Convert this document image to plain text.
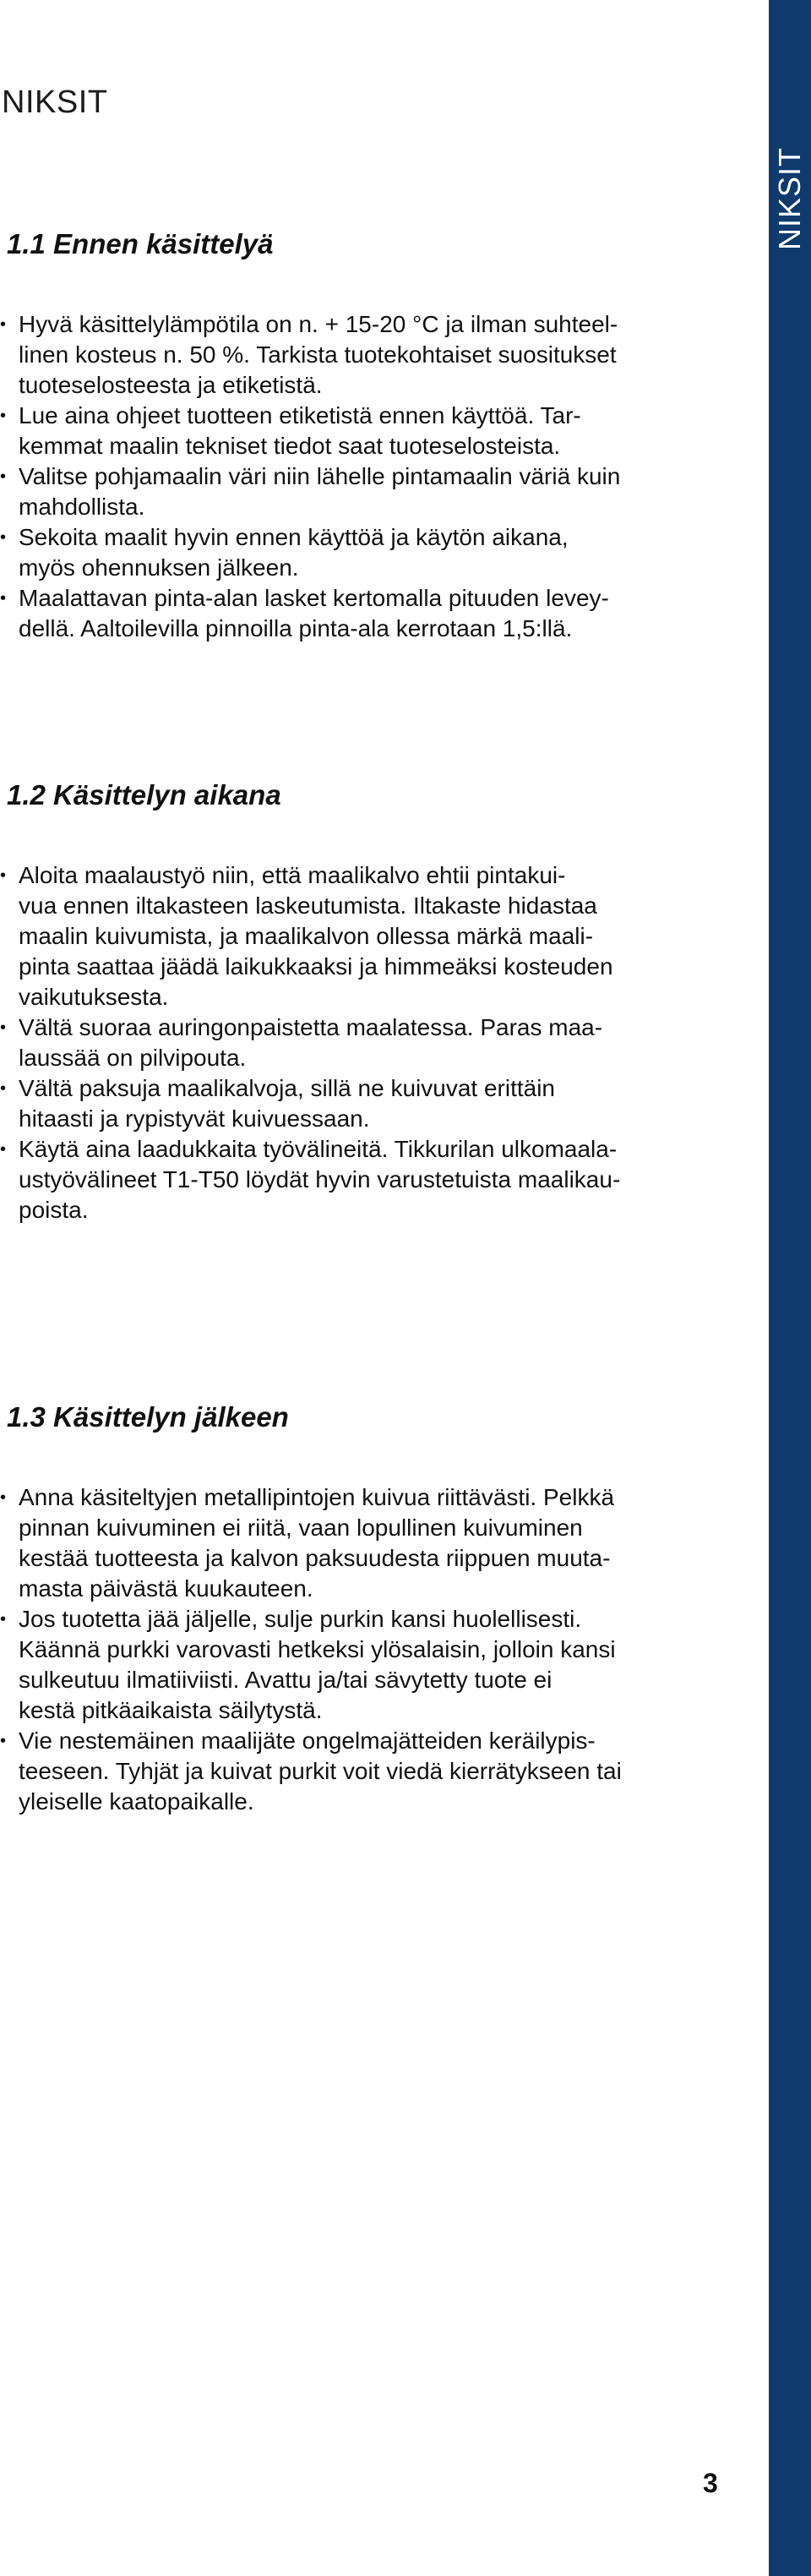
NIKSIT
NIKSIT
1.1 Ennen käsittelyä
• Hyvä käsittelylämpötila on n. + 15-20 °C ja ilman suhteel-
linen kosteus n. 50 %. Tarkista tuotekohtaiset suositukset
tuoteselosteesta ja etiketistä.
• Lue aina ohjeet tuotteen etiketistä ennen käyttöä. Tar-
kemmat maalin tekniset tiedot saat tuoteselosteista.
• Valitse pohjamaalin väri niin lähelle pintamaalin väriä kuin
mahdollista.
• Sekoita maalit hyvin ennen käyttöä ja käytön aikana,
myös ohennuksen jälkeen.
• Maalattavan pinta-alan lasket kertomalla pituuden levey-
dellä. Aaltoilevilla pinnoilla pinta-ala kerrotaan 1,5:llä.
1.2 Käsittelyn aikana
• Aloita maalaustyö niin, että maalikalvo ehtii pintakui-
vua ennen iltakasteen laskeutumista. Iltakaste hidastaa
maalin kuivumista, ja maalikalvon ollessa märkä maali-
pinta saattaa jäädä laikukkaaksi ja himmeäksi kosteuden
vaikutuksesta.
• Vältä suoraa auringonpaistetta maalatessa. Paras maa-
laussää on pilvipouta.
• Vältä paksuja maalikalvoja, sillä ne kuivuvat erittäin
hitaasti ja rypistyvät kuivuessaan.
• Käytä aina laadukkaita työvälineitä. Tikkurilan ulkomaala-
ustyövälineet T1-T50 löydät hyvin varustetuista maalikau-
poista.
1.3 Käsittelyn jälkeen
• Anna käsiteltyjen metallipintojen kuivua riittävästi. Pelkkä
pinnan kuivuminen ei riitä, vaan lopullinen kuivuminen
kestää tuotteesta ja kalvon paksuudesta riippuen muuta-
masta päivästä kuukauteen.
• Jos tuotetta jää jäljelle, sulje purkin kansi huolellisesti.
Käännä purkki varovasti hetkeksi ylösalaisin, jolloin kansi
sulkeutuu ilmatiiviisti. Avattu ja/tai sävytetty tuote ei
kestä pitkäaikaista säilytystä.
• Vie nestemäinen maalijäte ongelmajätteiden keräilypis-
teeseen. Tyhjät ja kuivat purkit voit viedä kierrätykseen tai
yleiselle kaatopaikalle.
3
